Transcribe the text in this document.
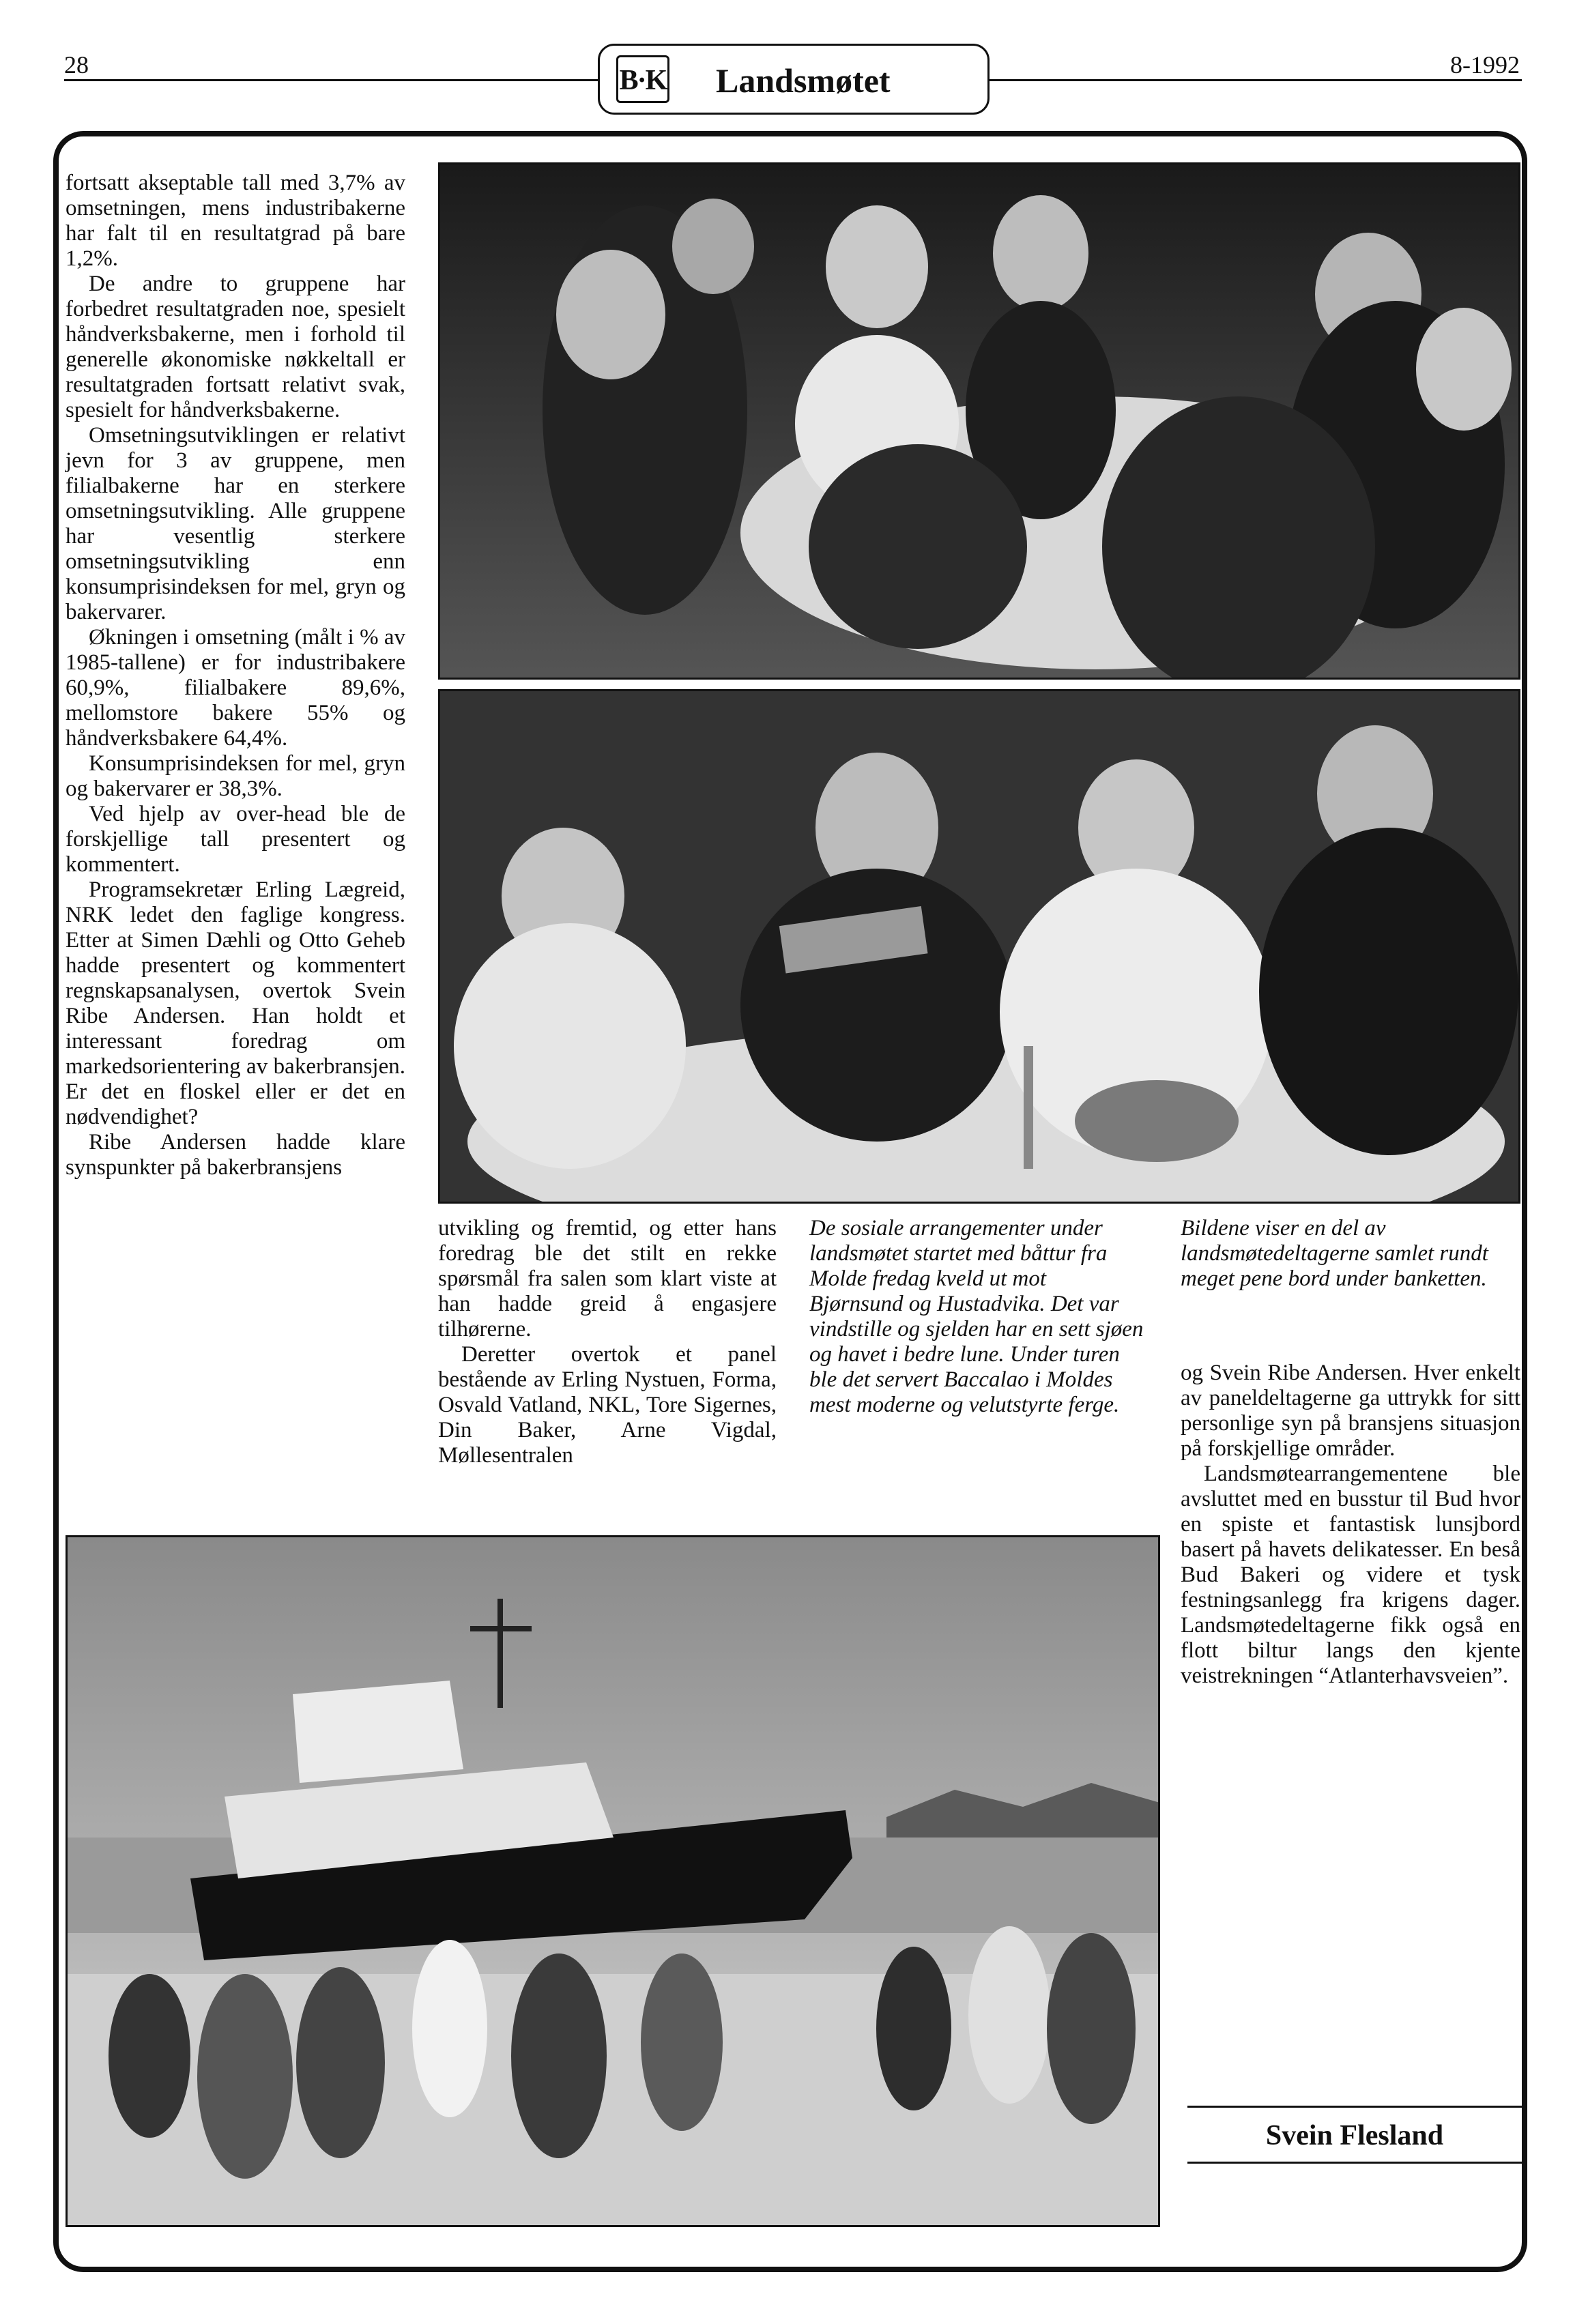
28	8-1992
B·K Landsmøtet

fortsatt akseptable tall med 3,7% av omsetningen, mens industribakerne har falt til en resultatgrad på bare 1,2%.

De andre to gruppene har forbedret resultatgraden noe, spesielt håndverksbakerne, men i forhold til generelle økonomiske nøkkeltall er resultatgraden fortsatt relativt svak, spesielt for håndverksbakerne.

Omsetningsutviklingen er relativt jevn for 3 av gruppene, men filialbakerne har en sterkere omsetningsutvikling. Alle gruppene har vesentlig sterkere omsetningsutvikling enn konsumprisindeksen for mel, gryn og bakervarer.

Økningen i omsetning (målt i % av 1985-tallene) er for industribakere 60,9%, filialbakere 89,6%, mellomstore bakere 55% og håndverksbakere 64,4%.

Konsumprisindeksen for mel, gryn og bakervarer er 38,3%.

Ved hjelp av over-head ble de forskjellige tall presentert og kommentert.

Programsekretær Erling Lægreid, NRK ledet den faglige kongress. Etter at Simen Dæhli og Otto Geheb hadde presentert og kommentert regnskapsanalysen, overtok Svein Ribe Andersen. Han holdt et interessant foredrag om markedsorientering av bakerbransjen. Er det en floskel eller er det en nødvendighet?

Ribe Andersen hadde klare synspunkter på bakerbransjens

utvikling og fremtid, og etter hans foredrag ble det stilt en rekke spørsmål fra salen som klart viste at han hadde greid å engasjere tilhørerne.

Deretter overtok et panel bestående av Erling Nystuen, Forma, Osvald Vatland, NKL, Tore Sigernes, Din Baker, Arne Vigdal, Møllesentralen

De sosiale arrangementer under landsmøtet startet med båttur fra Molde fredag kveld ut mot Bjørnsund og Hustadvika. Det var vindstille og sjelden har en sett sjøen og havet i bedre lune. Under turen ble det servert Baccalao i Moldes mest moderne og velutstyrte ferge.
Bildene viser en del av landsmøtedeltagerne samlet rundt meget pene bord under banketten.

og Svein Ribe Andersen. Hver enkelt av paneldeltagerne ga uttrykk for sitt personlige syn på bransjens situasjon på forskjellige områder.

Landsmøtearrangementene ble avsluttet med en busstur til Bud hvor en spiste et fantastisk lunsjbord basert på havets delikatesser. En beså Bud Bakeri og videre et tysk festningsanlegg fra krigens dager. Landsmøtedeltagerne fikk også en flott biltur langs den kjente veistrekningen “Atlanterhavsveien”.

Svein Flesland
